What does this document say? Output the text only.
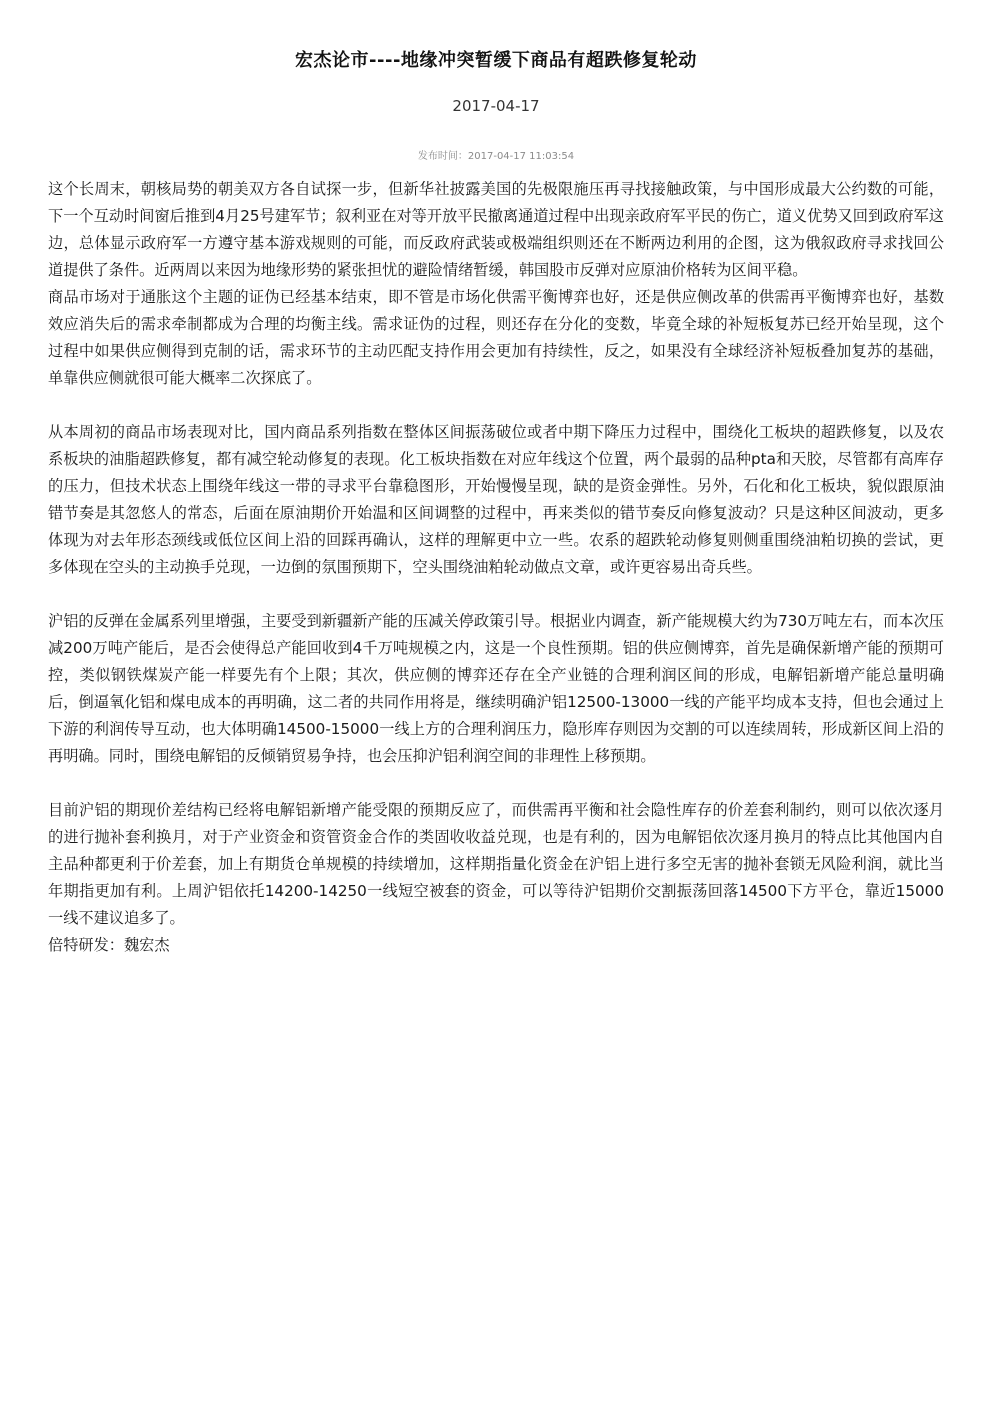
宏杰论市----地缘冲突暂缓下商品有超跌修复轮动
2017-04-17
发布时间：2017-04-17 11:03:54

这个长周末，朝核局势的朝美双方各自试探一步，但新华社披露美国的先极限施压再寻找接触政策，与中国形成最大公约数的可能，下一个互动时间窗后推到4月25号建军节；叙利亚在对等开放平民撤离通道过程中出现亲政府军平民的伤亡，道义优势又回到政府军这边，总体显示政府军一方遵守基本游戏规则的可能，而反政府武装或极端组织则还在不断两边利用的企图，这为俄叙政府寻求找回公道提供了条件。近两周以来因为地缘形势的紧张担忧的避险情绪暂缓，韩国股市反弹对应原油价格转为区间平稳。

商品市场对于通胀这个主题的证伪已经基本结束，即不管是市场化供需平衡博弈也好，还是供应侧改革的供需再平衡博弈也好，基数效应消失后的需求牵制都成为合理的均衡主线。需求证伪的过程，则还存在分化的变数，毕竟全球的补短板复苏已经开始呈现，这个过程中如果供应侧得到克制的话，需求环节的主动匹配支持作用会更加有持续性，反之，如果没有全球经济补短板叠加复苏的基础，单靠供应侧就很可能大概率二次探底了。

从本周初的商品市场表现对比，国内商品系列指数在整体区间振荡破位或者中期下降压力过程中，围绕化工板块的超跌修复，以及农系板块的油脂超跌修复，都有减空轮动修复的表现。化工板块指数在对应年线这个位置，两个最弱的品种pta和天胶，尽管都有高库存的压力，但技术状态上围绕年线这一带的寻求平台靠稳图形，开始慢慢呈现，缺的是资金弹性。另外，石化和化工板块，貌似跟原油错节奏是其忽悠人的常态，后面在原油期价开始温和区间调整的过程中，再来类似的错节奏反向修复波动？只是这种区间波动，更多体现为对去年形态颈线或低位区间上沿的回踩再确认，这样的理解更中立一些。农系的超跌轮动修复则侧重围绕油粕切换的尝试，更多体现在空头的主动换手兑现，一边倒的氛围预期下，空头围绕油粕轮动做点文章，或许更容易出奇兵些。

沪铝的反弹在金属系列里增强，主要受到新疆新产能的压减关停政策引导。根据业内调查，新产能规模大约为730万吨左右，而本次压减200万吨产能后，是否会使得总产能回收到4千万吨规模之内，这是一个良性预期。铝的供应侧博弈，首先是确保新增产能的预期可控，类似钢铁煤炭产能一样要先有个上限；其次，供应侧的博弈还存在全产业链的合理利润区间的形成，电解铝新增产能总量明确后，倒逼氧化铝和煤电成本的再明确，这二者的共同作用将是，继续明确沪铝12500-13000一线的产能平均成本支持，但也会通过上下游的利润传导互动，也大体明确14500-15000一线上方的合理利润压力，隐形库存则因为交割的可以连续周转，形成新区间上沿的再明确。同时，围绕电解铝的反倾销贸易争持，也会压抑沪铝利润空间的非理性上移预期。

目前沪铝的期现价差结构已经将电解铝新增产能受限的预期反应了，而供需再平衡和社会隐性库存的价差套利制约，则可以依次逐月的进行抛补套利换月，对于产业资金和资管资金合作的类固收收益兑现，也是有利的，因为电解铝依次逐月换月的特点比其他国内自主品种都更利于价差套，加上有期货仓单规模的持续增加，这样期指量化资金在沪铝上进行多空无害的抛补套锁无风险利润，就比当年期指更加有利。上周沪铝依托14200-14250一线短空被套的资金，可以等待沪铝期价交割振荡回落14500下方平仓，靠近15000一线不建议追多了。

倍特研发：魏宏杰
